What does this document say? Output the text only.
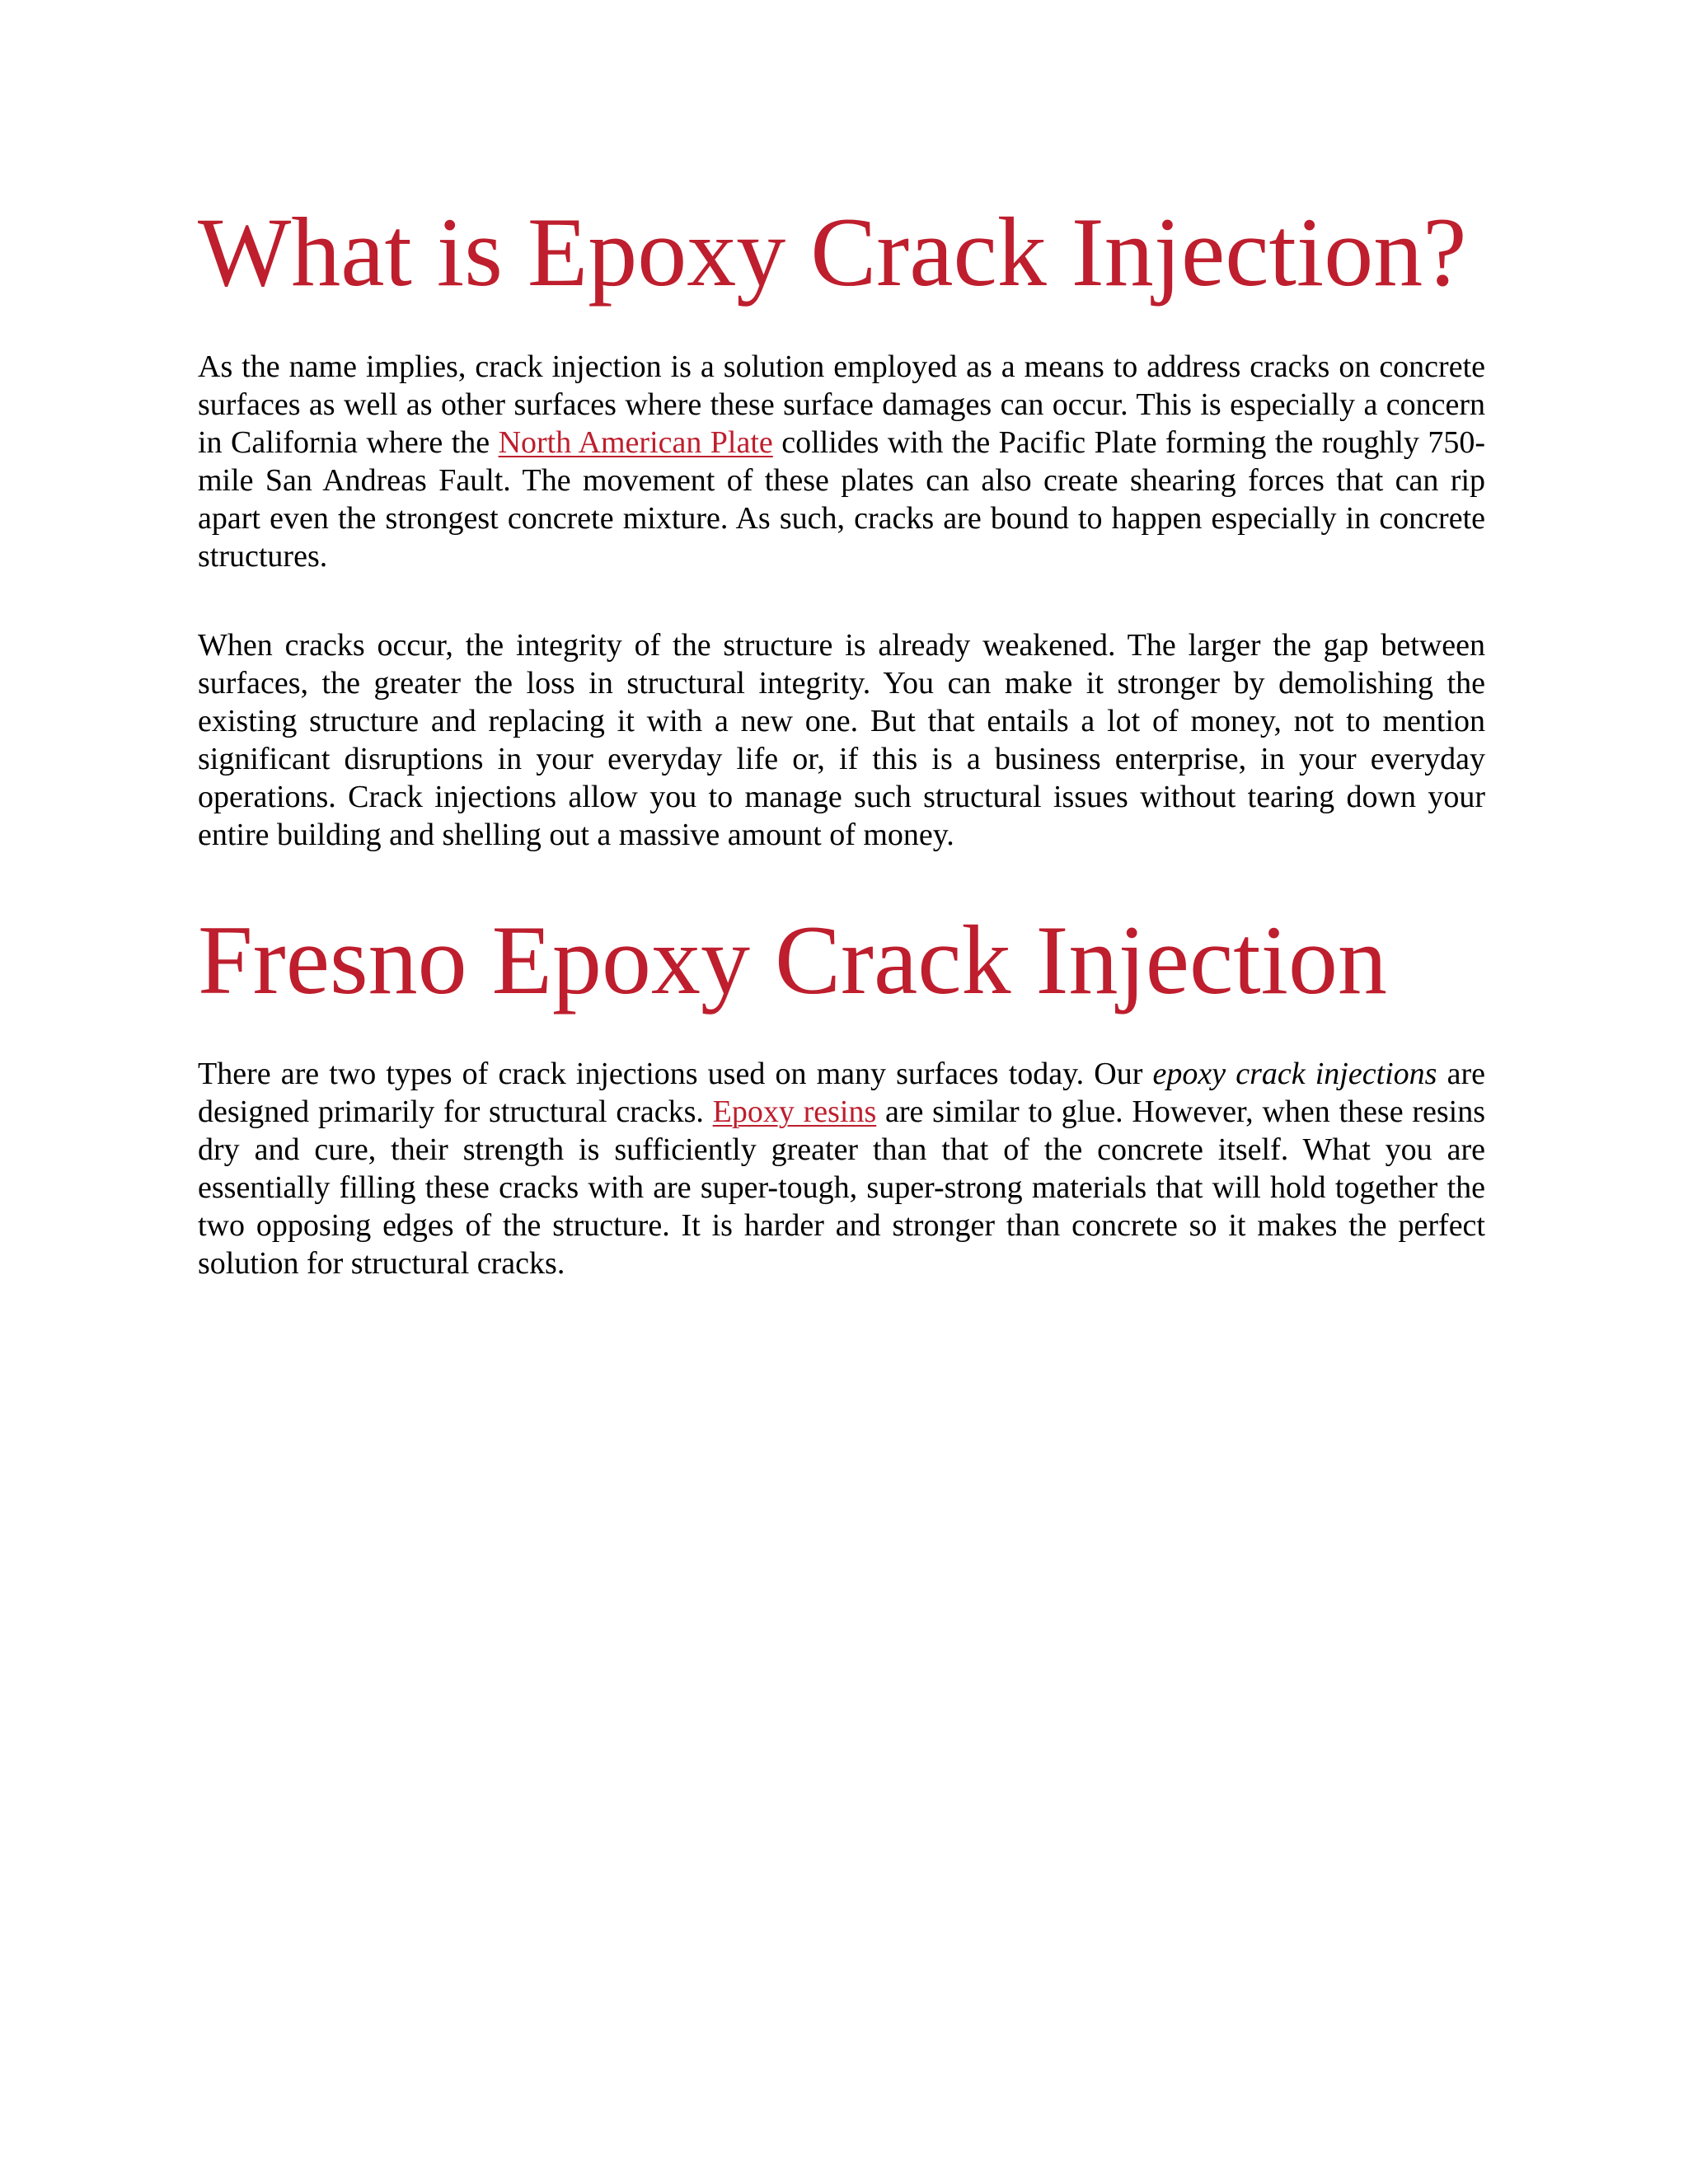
What is Epoxy Crack Injection?

As the name implies, crack injection is a solution employed as a means to address cracks on concrete surfaces as well as other surfaces where these surface damages can occur. This is especially a concern in California where the North American Plate collides with the Pacific Plate forming the roughly 750-mile San Andreas Fault. The movement of these plates can also create shearing forces that can rip apart even the strongest concrete mixture. As such, cracks are bound to happen especially in concrete structures.

When cracks occur, the integrity of the structure is already weakened. The larger the gap between surfaces, the greater the loss in structural integrity. You can make it stronger by demolishing the existing structure and replacing it with a new one. But that entails a lot of money, not to mention significant disruptions in your everyday life or, if this is a business enterprise, in your everyday operations. Crack injections allow you to manage such structural issues without tearing down your entire building and shelling out a massive amount of money.

Fresno Epoxy Crack Injection

There are two types of crack injections used on many surfaces today. Our epoxy crack injections are designed primarily for structural cracks. Epoxy resins are similar to glue. However, when these resins dry and cure, their strength is sufficiently greater than that of the concrete itself. What you are essentially filling these cracks with are super-tough, super-strong materials that will hold together the two opposing edges of the structure. It is harder and stronger than concrete so it makes the perfect solution for structural cracks.
